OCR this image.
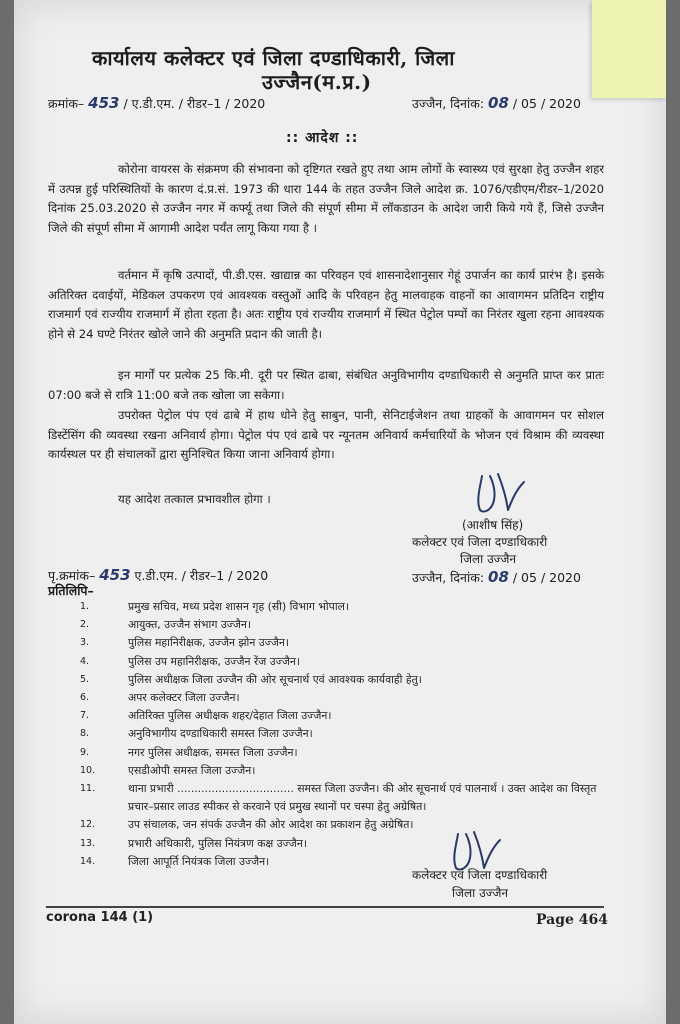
कार्यालय कलेक्टर एवं जिला दण्डाधिकारी, जिला
उज्जैन(म.प्र.)
क्रमांक– 453 / ए.डी.एम. / रीडर–1 / 2020	उज्जैन, दिनांक: 08 / 05 / 2020
:: आदेश ::
कोरोना वायरस के संक्रमण की संभावना को दृष्टिगत रखते हुए तथा आम लोगों के स्वास्थ्य एवं सुरक्षा हेतु उज्जैन शहर में उत्पन्न हुई परिस्थितियों के कारण दं.प्र.सं. 1973 की धारा 144 के तहत उज्जैन जिले आदेश क्र. 1076/एडीएम/रीडर–1/2020 दिनांक 25.03.2020 से उज्जैन नगर में कर्फ्यू तथा जिले की संपूर्ण सीमा में लॉकडाउन के आदेश जारी किये गये हैं, जिसे उज्जैन जिले की संपूर्ण सीमा में आगामी आदेश पर्यंत लागू किया गया है ।
वर्तमान में कृषि उत्पादों, पी.डी.एस. खाद्यान्न का परिवहन एवं शासनादेशानुसार गेहूं उपार्जन का कार्य प्रारंभ है। इसके अतिरिक्त दवाईयों, मेडिकल उपकरण एवं आवश्यक वस्तुओं आदि के परिवहन हेतु मालवाहक वाहनों का आवागमन प्रतिदिन राष्ट्रीय राजमार्ग एवं राज्यीय राजमार्ग में होता रहता है। अतः राष्ट्रीय एवं राज्यीय राजमार्ग में स्थित पेट्रोल पम्पों का निरंतर खुला रहना आवश्यक होने से 24 घण्टे निरंतर खोले जाने की अनुमति प्रदान की जाती है।
इन मार्गों पर प्रत्येक 25 कि.मी. दूरी पर स्थित ढाबा, संबंधित अनुविभागीय दण्डाधिकारी से अनुमति प्राप्त कर प्रातः 07:00 बजे से रात्रि 11:00 बजे तक खोला जा सकेगा।
उपरोक्त पेट्रोल पंप एवं ढाबे में हाथ धोने हेतु साबुन, पानी, सेनिटाईजेशन तथा ग्राहकों के आवागमन पर सोशल डिस्टेंसिंग की व्यवस्था रखना अनिवार्य होगा। पेट्रोल पंप एवं ढाबे पर न्यूनतम अनिवार्य कर्मचारियों के भोजन एवं विश्राम की व्यवस्था कार्यस्थल पर ही संचालकों द्वारा सुनिश्चित किया जाना अनिवार्य होगा।
यह आदेश तत्काल प्रभावशील होगा ।
(आशीष सिंह)
कलेक्टर एवं जिला दण्डाधिकारी
जिला उज्जैन
पृ.क्रमांक– 453 ए.डी.एम. / रीडर–1 / 2020	उज्जैन, दिनांक: 08 / 05 / 2020
प्रतिलिपि–
1.	प्रमुख सचिव, मध्य प्रदेश शासन गृह (सी) विभाग भोपाल।
2.	आयुक्त, उज्जैन संभाग उज्जैन।
3.	पुलिस महानिरीक्षक, उज्जैन झोन उज्जैन।
4.	पुलिस उप महानिरीक्षक, उज्जैन रेंज उज्जैन।
5.	पुलिस अधीक्षक जिला उज्जैन की ओर सूचनार्थ एवं आवश्यक कार्यवाही हेतु।
6.	अपर कलेक्टर जिला उज्जैन।
7.	अतिरिक्त पुलिस अधीक्षक शहर/देहात जिला उज्जैन।
8.	अनुविभागीय दण्डाधिकारी समस्त जिला उज्जैन।
9.	नगर पुलिस अधीक्षक, समस्त जिला उज्जैन।
10.	एसडीओपी समस्त जिला उज्जैन।
11.	थाना प्रभारी .................................. समस्त जिला उज्जैन। की ओर सूचनार्थ एवं पालनार्थ । उक्त आदेश का विस्तृत प्रचार–प्रसार लाउड स्पीकर से करवाने एवं प्रमुख स्थानों पर चस्पा हेतु अग्रेषित।
12.	उप संचालक, जन संपर्क उज्जैन की ओर आदेश का प्रकाशन हेतु अग्रेषित।
13.	प्रभारी अधिकारी, पुलिस नियंत्रण कक्ष उज्जैन।
14.	जिला आपूर्ति नियंत्रक जिला उज्जैन।
कलेक्टर एवं जिला दण्डाधिकारी
जिला उज्जैन
corona 144 (1)	Page 464
